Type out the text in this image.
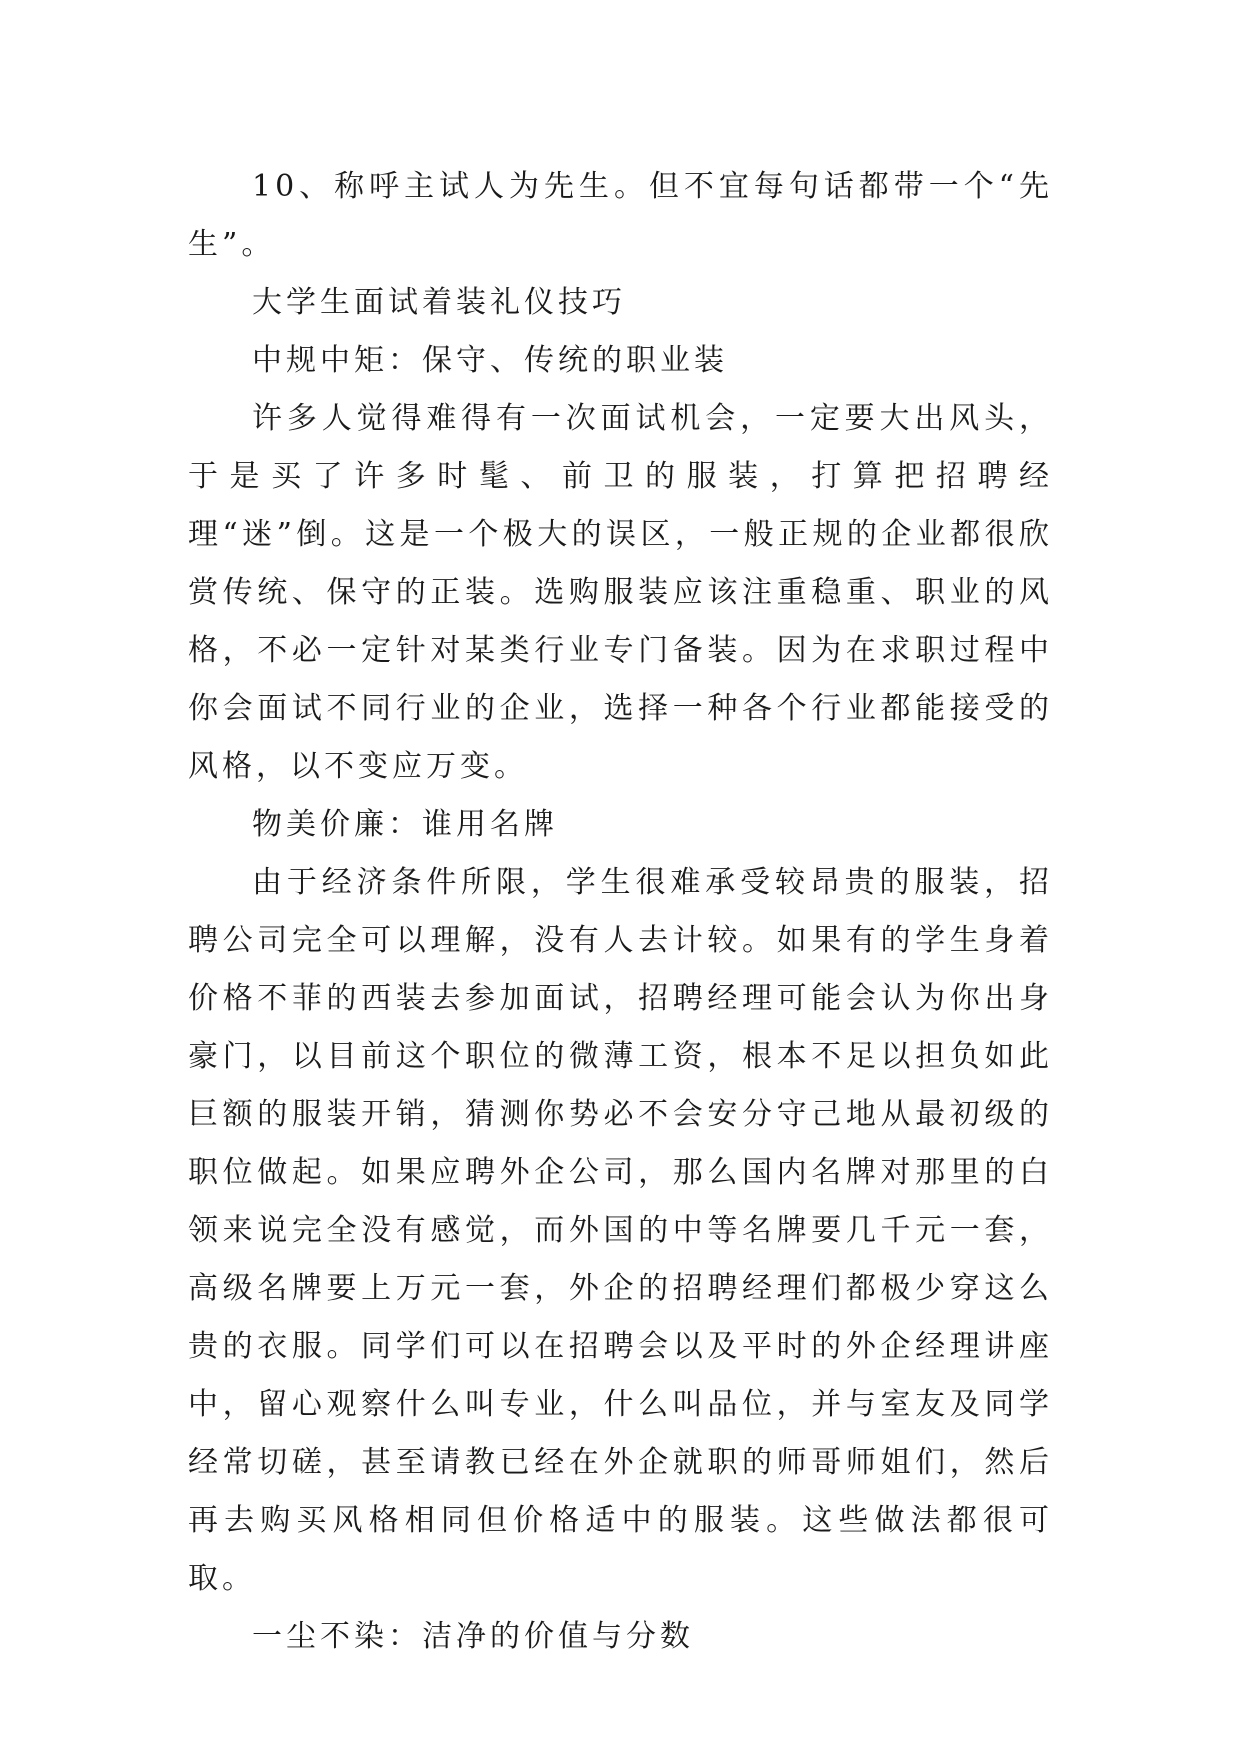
10、称呼主试人为先生。但不宜每句话都带一个“先生”。

大学生面试着装礼仪技巧

中规中矩：保守、传统的职业装

许多人觉得难得有一次面试机会，一定要大出风头，于是买了许多时髦、前卫的服装，打算把招聘经理“迷”倒。这是一个极大的误区，一般正规的企业都很欣赏传统、保守的正装。选购服装应该注重稳重、职业的风格，不必一定针对某类行业专门备装。因为在求职过程中你会面试不同行业的企业，选择一种各个行业都能接受的风格，以不变应万变。

物美价廉：谁用名牌

由于经济条件所限，学生很难承受较昂贵的服装，招聘公司完全可以理解，没有人去计较。如果有的学生身着价格不菲的西装去参加面试，招聘经理可能会认为你出身豪门，以目前这个职位的微薄工资，根本不足以担负如此巨额的服装开销，猜测你势必不会安分守己地从最初级的职位做起。如果应聘外企公司，那么国内名牌对那里的白领来说完全没有感觉，而外国的中等名牌要几千元一套，高级名牌要上万元一套，外企的招聘经理们都极少穿这么贵的衣服。同学们可以在招聘会以及平时的外企经理讲座中，留心观察什么叫专业，什么叫品位，并与室友及同学经常切磋，甚至请教已经在外企就职的师哥师姐们，然后再去购买风格相同但价格适中的服装。这些做法都很可取。

一尘不染：洁净的价值与分数
